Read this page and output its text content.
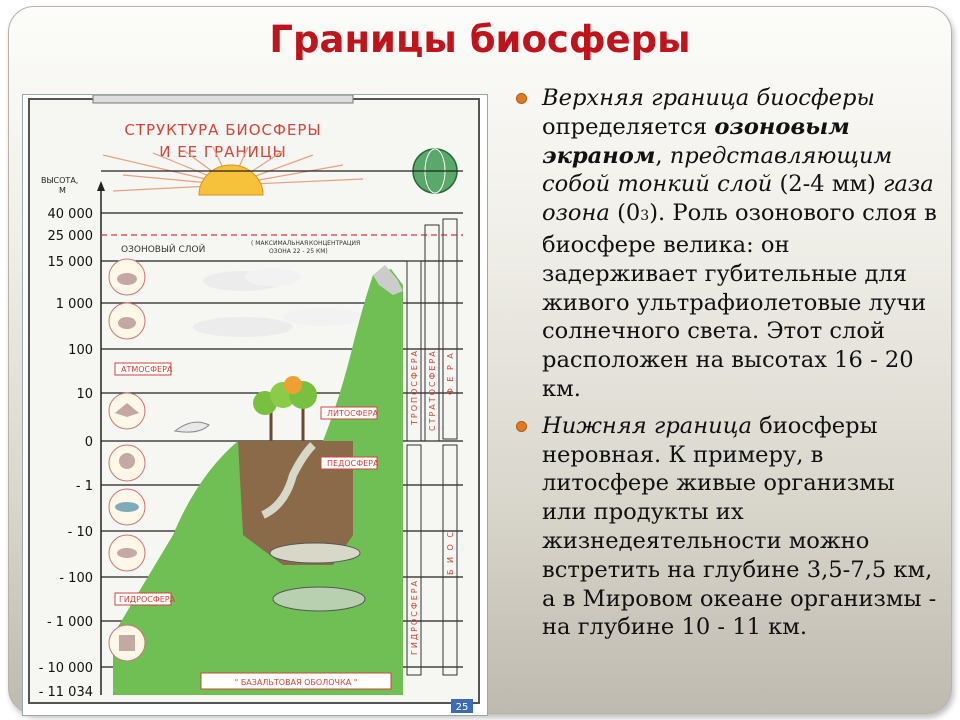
Границы биосферы
СТРУКТУРА БИОСФЕРЫ
И ЕЕ ГРАНИЦЫ
ВЫСОТА,
М
40 000
25 000
15 000
1 000
100
10
0
- 1
- 10
- 100
- 1 000
- 10 000
- 11 034
ОЗОНОВЫЙ СЛОЙ
( МАКСИМАЛЬНАЯ КОНЦЕНТРАЦИЯ
ОЗОНА 22 - 25 КМ)
АТМОСФЕРА
ЛИТОСФЕРА
ПЕДОСФЕРА
ГИДРОСФЕРА
ТРОПОСФЕРА СТРАТОСФЕРА Ф Е Р А
ГИДРОСФЕРА
Б И О С
" БАЗАЛЬТОВАЯ ОБОЛОЧКА "
25
Верхняя граница биосферы определяется озоновым экраном, представляющим собой тонкий слой (2-4 мм) газа озона (03). Роль озонового слоя в биосфере велика: он задерживает губительные для живого ультрафиолетовые лучи солнечного света. Этот слой расположен на высотах 16 - 20 км.
Нижняя граница биосферы неровная. К примеру, в литосфере живые организмы или продукты их жизнедеятельности можно встретить на глубине 3,5-7,5 км, а в Мировом океане организмы - на глубине 10 - 11 км.
